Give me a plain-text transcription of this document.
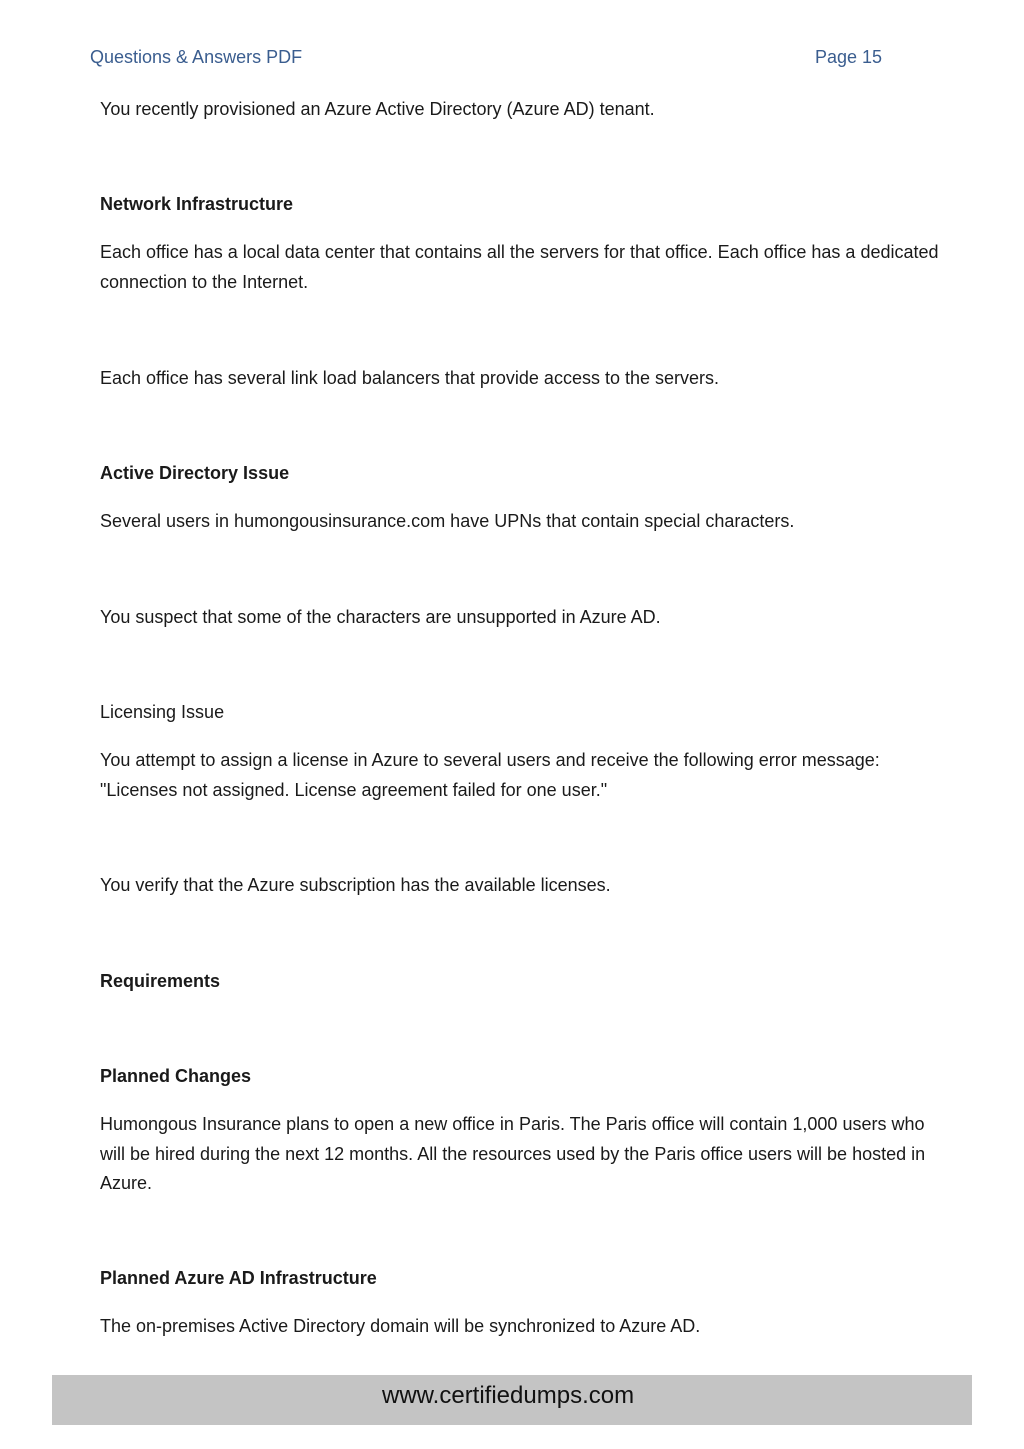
Questions & Answers PDF	Page 15
You recently provisioned an Azure Active Directory (Azure AD) tenant.
Network Infrastructure
Each office has a local data center that contains all the servers for that office. Each office has a dedicated connection to the Internet.
Each office has several link load balancers that provide access to the servers.
Active Directory Issue
Several users in humongousinsurance.com have UPNs that contain special characters.
You suspect that some of the characters are unsupported in Azure AD.
Licensing Issue
You attempt to assign a license in Azure to several users and receive the following error message: "Licenses not assigned. License agreement failed for one user."
You verify that the Azure subscription has the available licenses.
Requirements
Planned Changes
Humongous Insurance plans to open a new office in Paris. The Paris office will contain 1,000 users who will be hired during the next 12 months. All the resources used by the Paris office users will be hosted in Azure.
Planned Azure AD Infrastructure
The on-premises Active Directory domain will be synchronized to Azure AD.
www.certifiedumps.com
